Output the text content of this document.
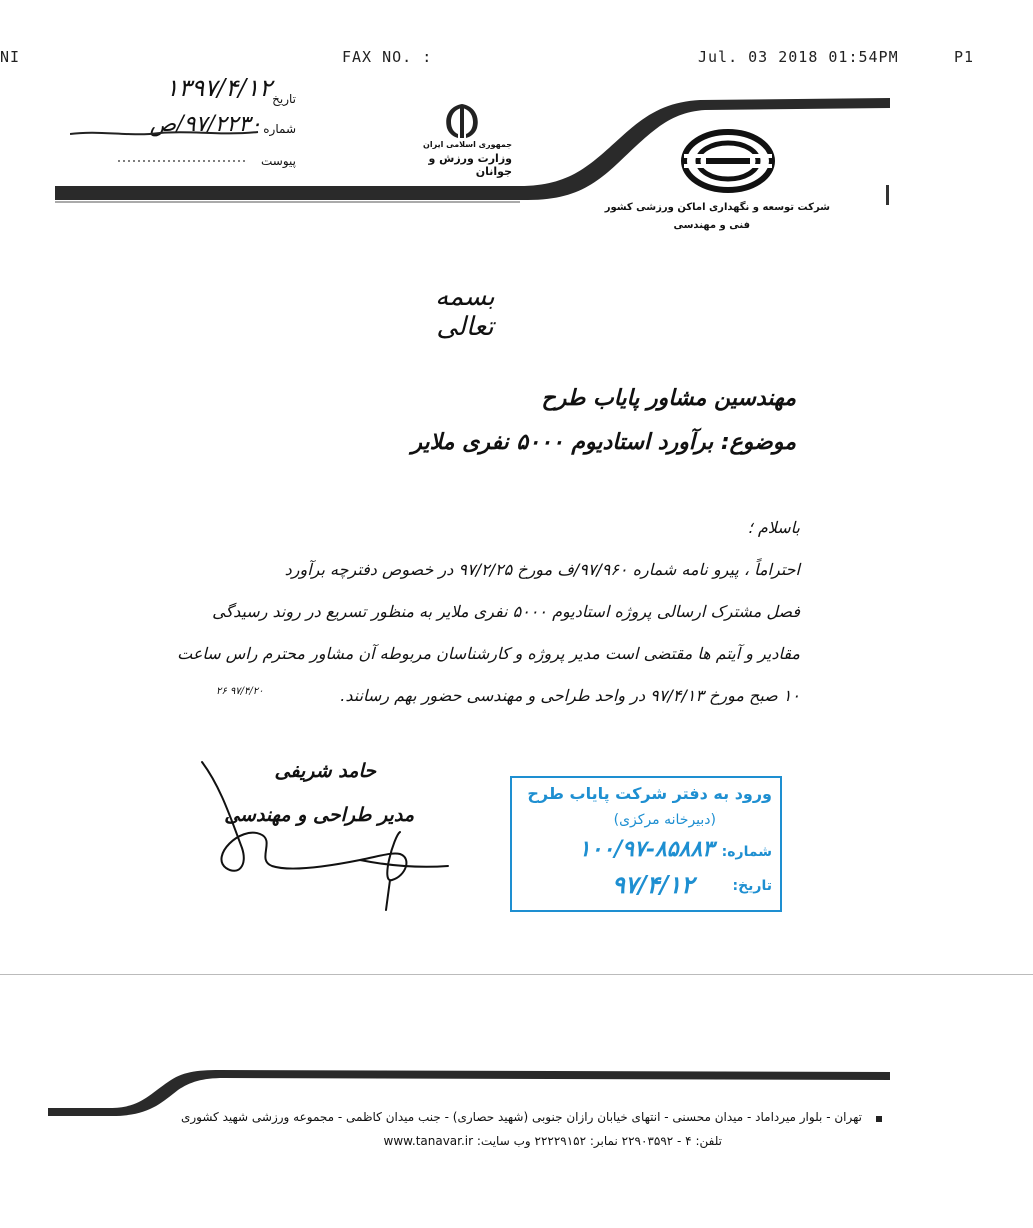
NI	FAX NO. :	Jul. 03 2018 01:54PM	P1
جمهوری اسلامی ایران
وزارت ورزش و جوانان
شرکت توسعه و نگهداری اماکن ورزشی کشور
فنی و مهندسی
تاریخ
۱۳۹۷/۴/۱۲
شماره
۹۷/۲۲۳۰/ص
پیوست
بسمه تعالی
مهندسین مشاور پایاب طرح
موضوع: برآورد استادیوم ۵۰۰۰ نفری ملایر
باسلام ؛
احتراماً ، پیرو نامه شماره ۹۷/۹۶۰/ف مورخ ۹۷/۲/۲۵ در خصوص دفترچه برآورد
فصل مشترک ارسالی پروژه استادیوم ۵۰۰۰ نفری ملایر به منظور تسریع در روند رسیدگی
مقادیر و آیتم ها مقتضی است مدیر پروژه و کارشناسان مربوطه آن مشاور محترم راس ساعت
۱۰ صبح مورخ ۹۷/۴/۱۳ در واحد طراحی و مهندسی حضور بهم رسانند.
۹۷/۴/۲۰ ۲۶
حامد شریفی
مدیر طراحی و مهندسی
ورود به دفتر شرکت پایاب طرح
(دبیرخانه مرکزی)
شماره:
۱۰۰/۹۷-۸۵۸۸۳
تاریخ:
۹۷/۴/۱۲
تهران - بلوار میرداماد - میدان محسنی - انتهای خیابان رازان جنوبی (شهید حصاری) - جنب میدان کاظمی - مجموعه ورزشی شهید کشوری
تلفن: ۴ - ۲۲۹۰۳۵۹۲ نمابر: ۲۲۲۲۹۱۵۲ وب سایت: www.tanavar.ir
